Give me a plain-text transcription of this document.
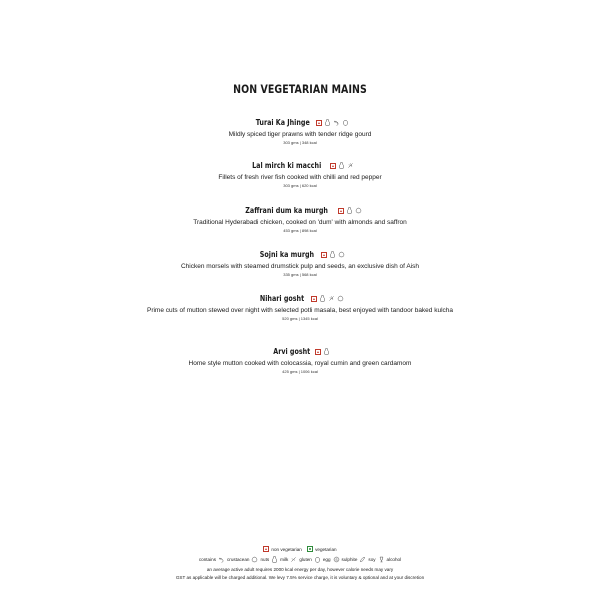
NON VEGETARIAN MAINS
Turai Ka Jhinge
Mildly spiced tiger prawns with tender ridge gourd
303 gms | 348 kcal
Lal mirch ki macchi
Fillets of fresh river fish cooked with chilli and red pepper
303 gms | 620 kcal
Zaffrani dum ka murgh
Traditional Hyderabadi chicken, cooked on 'dum' with almonds and saffron
453 gms | 898 kcal
Sojni ka murgh
Chicken morsels with steamed drumstick pulp and seeds, an exclusive dish of Aish
335 gms | 568 kcal
Nihari gosht
Prime cuts of mutton stewed over night with selected potli masala, best enjoyed with tandoor baked kulcha
520 gms | 1345 kcal
Arvi gosht
Home style mutton cooked with colocassia, royal cumin and green cardamom
425 gms | 1006 kcal
non vegetarian
	vegetarian
contains crustacean nuts milk gluten egg S sulphite soy alcohol
an average active adult requires 2000 kcal energy per day, however calorie needs may vary
GST as applicable will be charged additional. We levy 7.5% service charge, it is voluntary & optional and at your discretion
